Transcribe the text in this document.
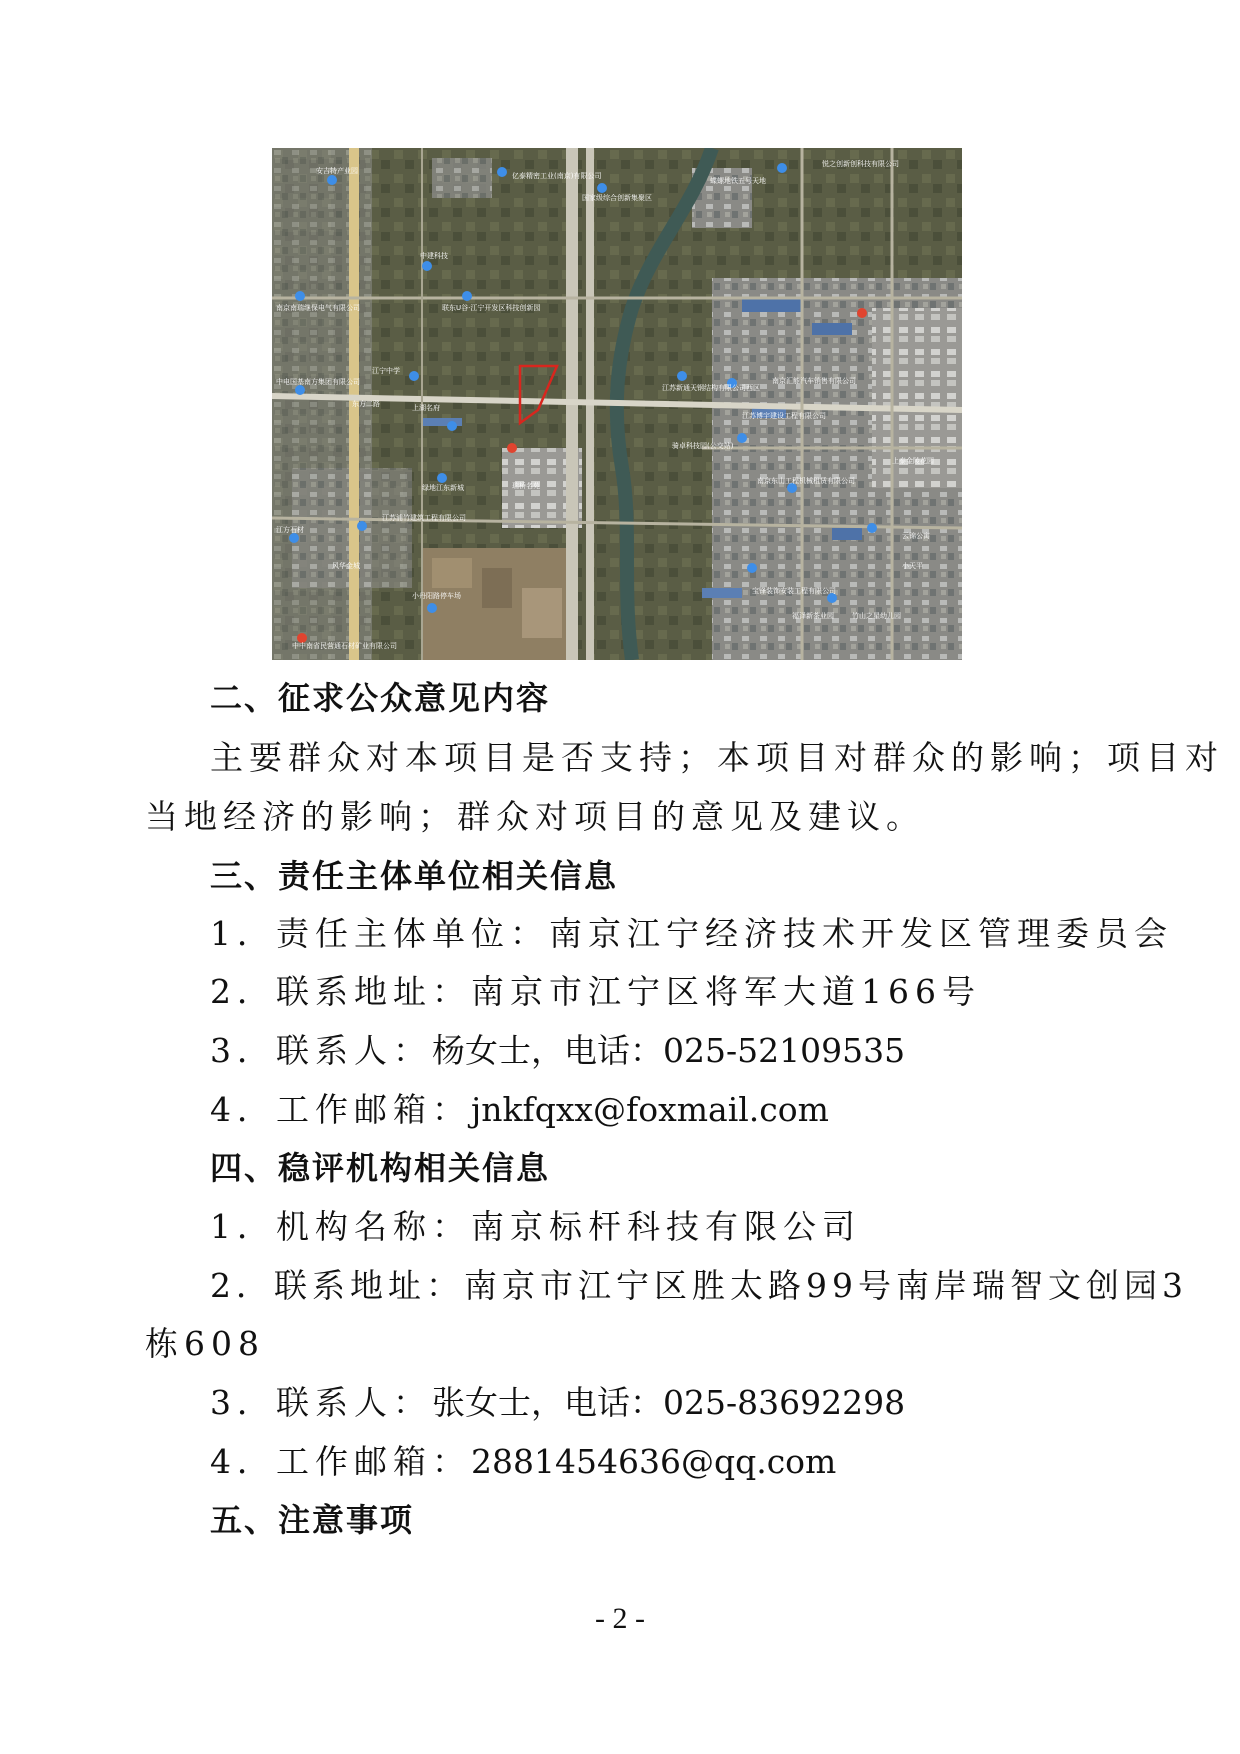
安吉特产业园
亿泰精密工业(南京)有限公司
国家级综合创新集聚区
悦之创新创科技有限公司
蝶螺地铁五号天地
中建科技
联东U谷·江宁开发区科技创新园
南京南瑞继保电气有限公司
江宁中学
江苏新通天钢结构有限公司西区
南京汇能汽车销售有限公司
中电国基南方集团有限公司
东方二路	上湖名府
江苏博宇建设工程有限公司
骑卓科技园(公交站)
瑞桥名苑
绿地江东新城
江苏浦竹建筑工程有限公司
江方石材
南京东山工程机械租赁有限公司
上泰金陵花园
云锦公寓
小天平
风华金城
小丹阳路停车场
宝锋装饰安装工程有限公司
福泽新茶业园	竹山之星幼儿园
中中南省民营通石材矿业有限公司
二、征求公众意见内容
主要群众对本项目是否支持；本项目对群众的影响；项目对
当地经济的影响；群众对项目的意见及建议。
三、责任主体单位相关信息
1．责任主体单位：南京江宁经济技术开发区管理委员会
2．联系地址：南京市江宁区将军大道166号
3．联系人：杨女士，电话：025-52109535
4．工作邮箱：jnkfqxx@foxmail.com
四、稳评机构相关信息
1．机构名称：南京标杆科技有限公司
2．联系地址：南京市江宁区胜太路99号南岸瑞智文创园3
栋608
3．联系人：张女士，电话：025-83692298
4．工作邮箱：2881454636@qq.com
五、注意事项
- 2 -
